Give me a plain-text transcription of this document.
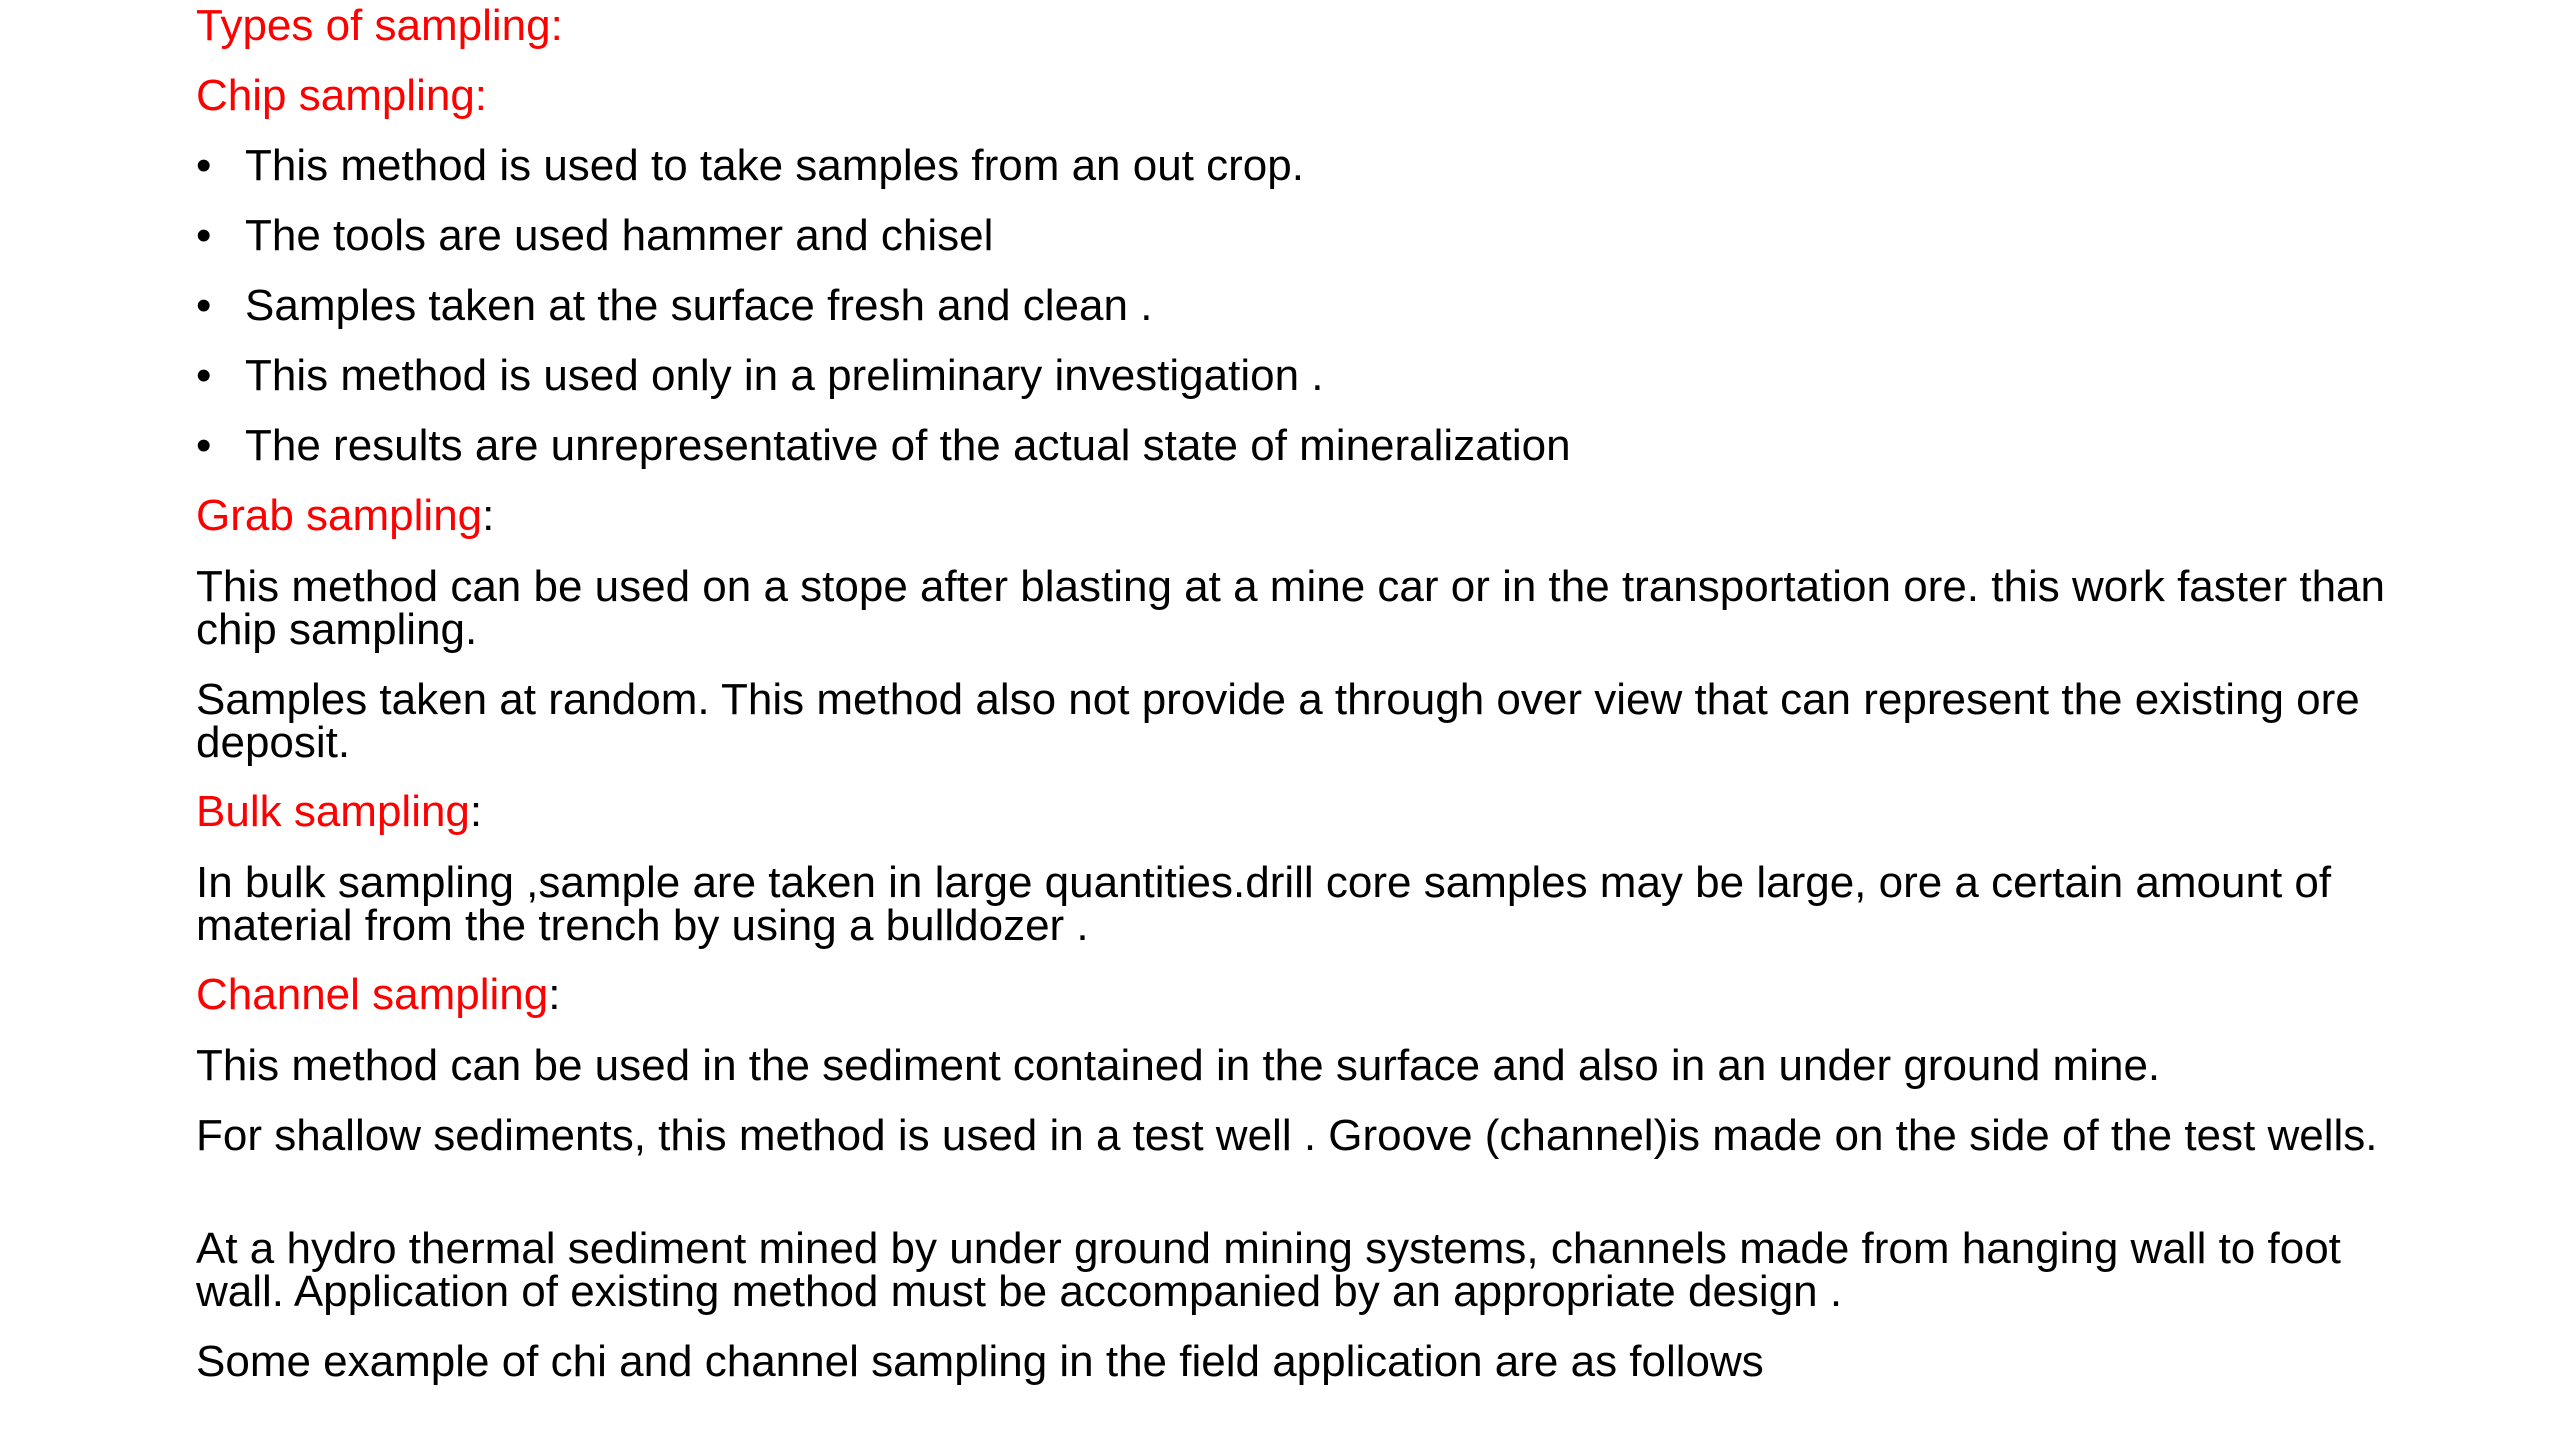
Types of sampling:
Chip sampling:
• This method is used to take samples from an out crop.
• The tools are used hammer and chisel
• Samples taken at the surface fresh and clean .
• This method is used only in a preliminary investigation .
• The results are unrepresentative of the actual state of mineralization
Grab sampling:
This method can be used on a stope after blasting at a mine car or in the transportation ore. this work faster than chip sampling.
Samples taken at random. This method also not provide a through over view that can represent the existing ore deposit.
Bulk sampling:
In bulk sampling ,sample are taken in large quantities.drill core samples may be large, ore a certain amount of material from the trench by using a bulldozer .
Channel sampling:
This method can be used in the sediment contained in the surface and also in an under ground mine.
For shallow sediments, this method is used in a test well . Groove (channel)is made on the side of the test wells.
At a hydro thermal sediment mined by under ground mining systems, channels made from hanging wall to foot wall. Application of existing method must be accompanied by an appropriate design .
Some example of chi and channel sampling in the field application are as follows
